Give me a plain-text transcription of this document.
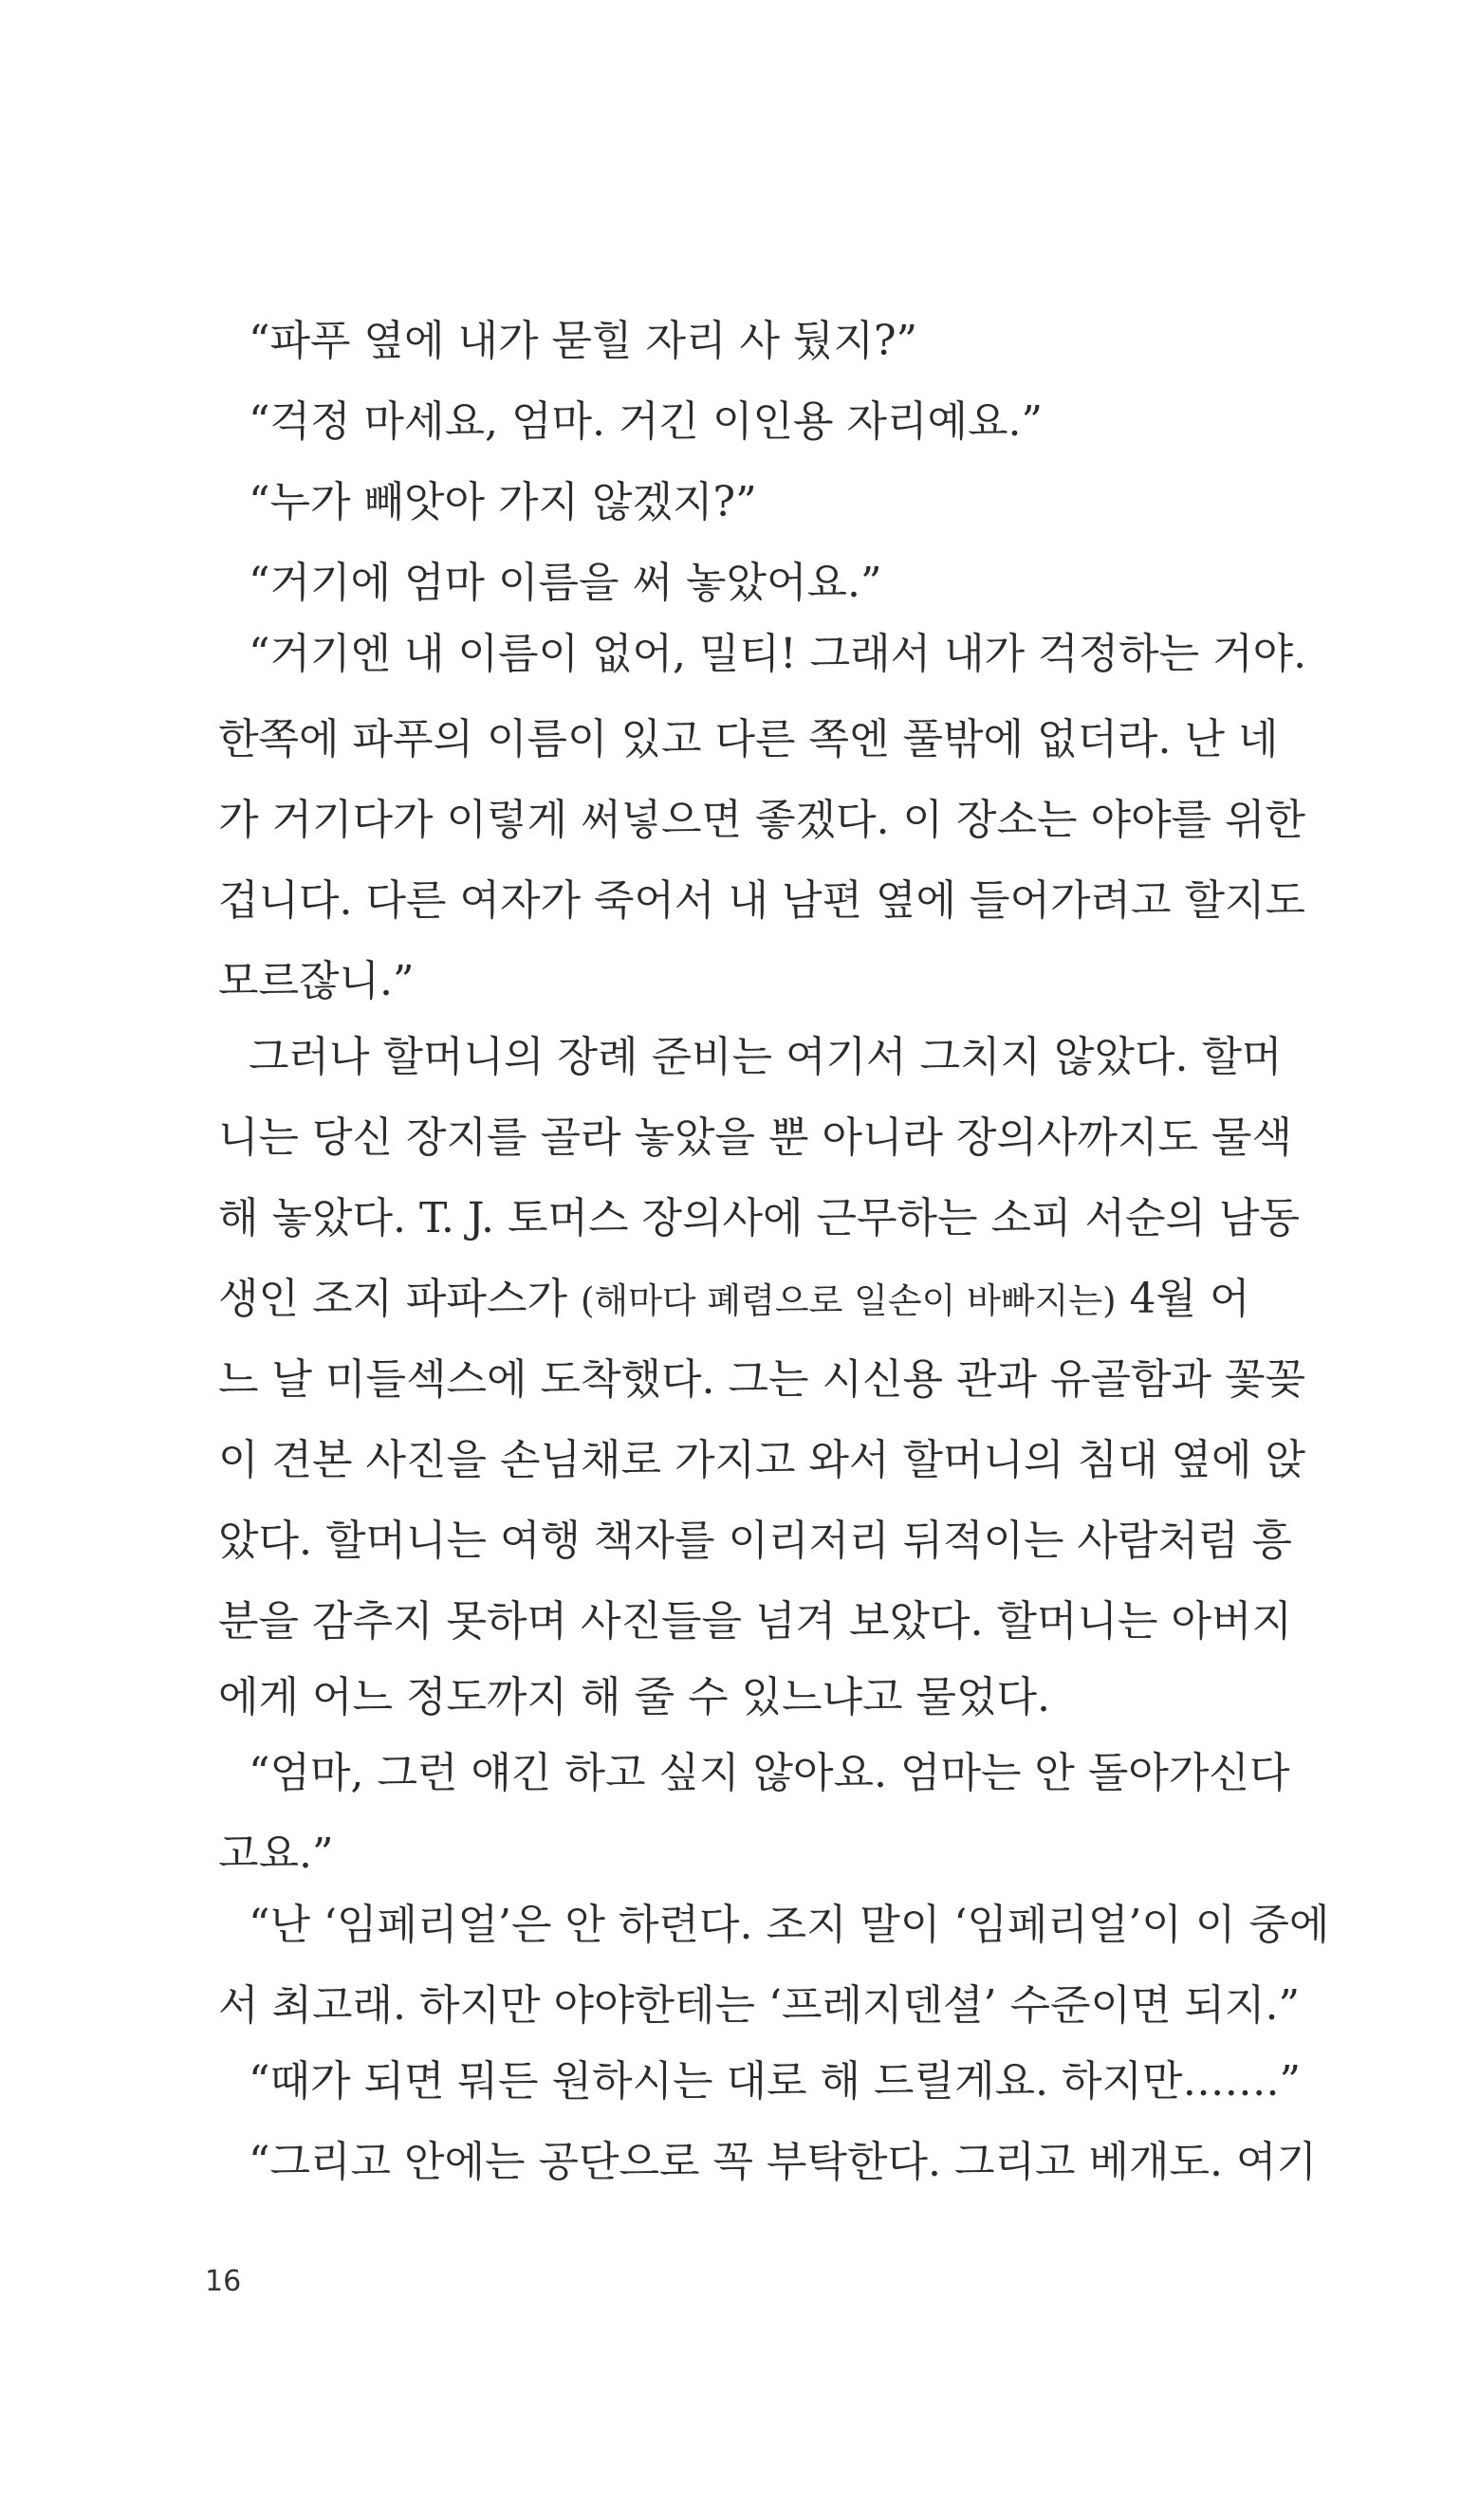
“파푸 옆에 내가 묻힐 자리 사 뒀지?”
“걱정 마세요, 엄마. 거긴 이인용 자리예요.”
“누가 빼앗아 가지 않겠지?”
“거기에 엄마 이름을 써 놓았어요.”
“거기엔 내 이름이 없어, 밀티! 그래서 내가 걱정하는 거야.
한쪽에 파푸의 이름이 있고 다른 쪽엔 풀밖에 없더라. 난 네
가 거기다가 이렇게 써넣으면 좋겠다. 이 장소는 야야를 위한
겁니다. 다른 여자가 죽어서 내 남편 옆에 들어가려고 할지도
모르잖니.”
그러나 할머니의 장례 준비는 여기서 그치지 않았다. 할머
니는 당신 장지를 골라 놓았을 뿐 아니라 장의사까지도 물색
해 놓았다. T. J. 토머스 장의사에 근무하는 소피 서순의 남동
생인 조지 파파스가 (해마다 폐렴으로 일손이 바빠지는) 4월 어
느 날 미들섹스에 도착했다. 그는 시신용 관과 유골함과 꽃꽂
이 견본 사진을 손님채로 가지고 와서 할머니의 침대 옆에 앉
았다. 할머니는 여행 책자를 이리저리 뒤적이는 사람처럼 흥
분을 감추지 못하며 사진들을 넘겨 보았다. 할머니는 아버지
에게 어느 정도까지 해 줄 수 있느냐고 물었다.
“엄마, 그런 얘긴 하고 싶지 않아요. 엄마는 안 돌아가신다
고요.”
“난 ‘임페리얼’은 안 하련다. 조지 말이 ‘임페리얼’이 이 중에
서 최고래. 하지만 야야한테는 ‘프레지덴셜’ 수준이면 되지.”
“때가 되면 뭐든 원하시는 대로 해 드릴게요. 하지만…….”
“그리고 안에는 공단으로 꼭 부탁한다. 그리고 베개도. 여기
16
